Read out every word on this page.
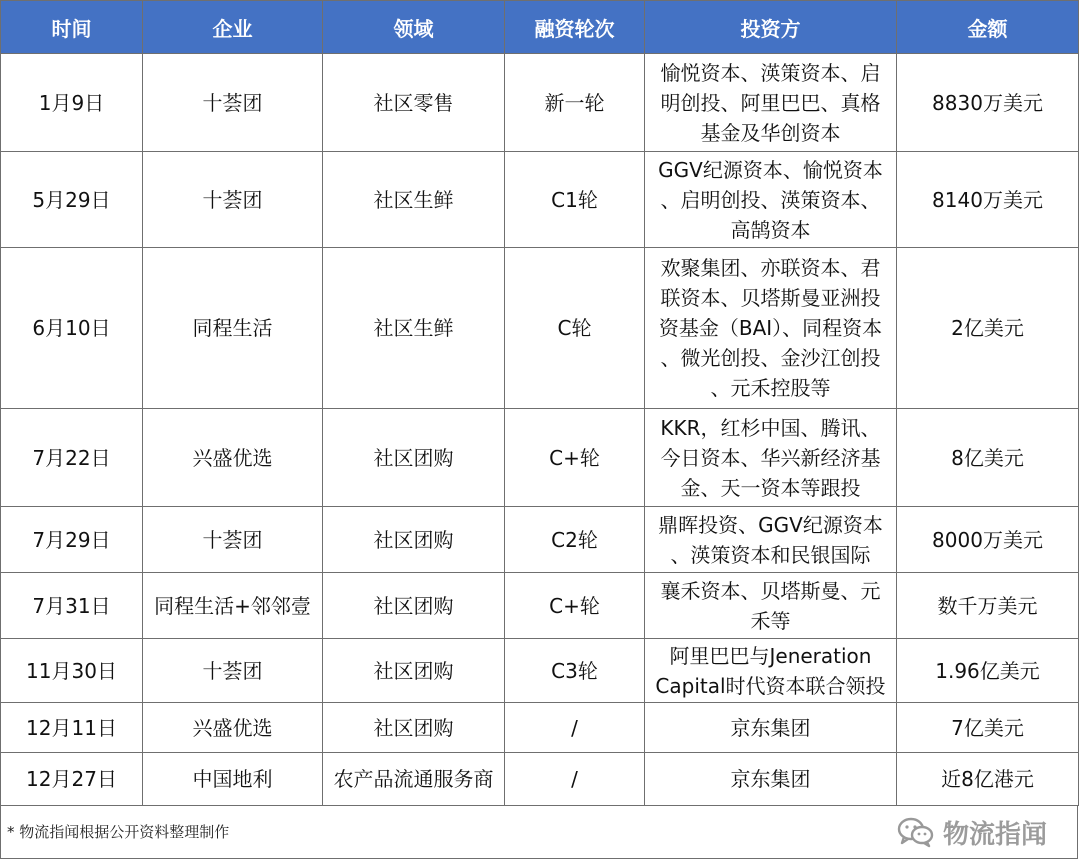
时间	企业	领域	融资轮次	投资方	金额
1月9日	十荟团	社区零售	新一轮	愉悦资本、渶策资本、启
明创投、阿里巴巴、真格
基金及华创资本	8830万美元
5月29日	十荟团	社区生鲜	C1轮	GGV纪源资本、愉悦资本
、启明创投、渶策资本、
高鹄资本	8140万美元
6月10日	同程生活	社区生鲜	C轮	欢聚集团、亦联资本、君
联资本、贝塔斯曼亚洲投
资基金（BAI）、同程资本
、微光创投、金沙江创投
、元禾控股等	2亿美元
7月22日	兴盛优选	社区团购	C+轮	KKR，红杉中国、腾讯、
今日资本、华兴新经济基
金、天一资本等跟投	8亿美元
7月29日	十荟团	社区团购	C2轮	鼎晖投资、GGV纪源资本
、渶策资本和民银国际	8000万美元
7月31日	同程生活+邻邻壹	社区团购	C+轮	襄禾资本、贝塔斯曼、元
禾等	数千万美元
11月30日	十荟团	社区团购	C3轮	阿里巴巴与Jeneration
Capital时代资本联合领投	1.96亿美元
12月11日	兴盛优选	社区团购	/	京东集团	7亿美元
12月27日	中国地利	农产品流通服务商	/	京东集团	近8亿港元
* 物流指闻根据公开资料整理制作	物流指闻
